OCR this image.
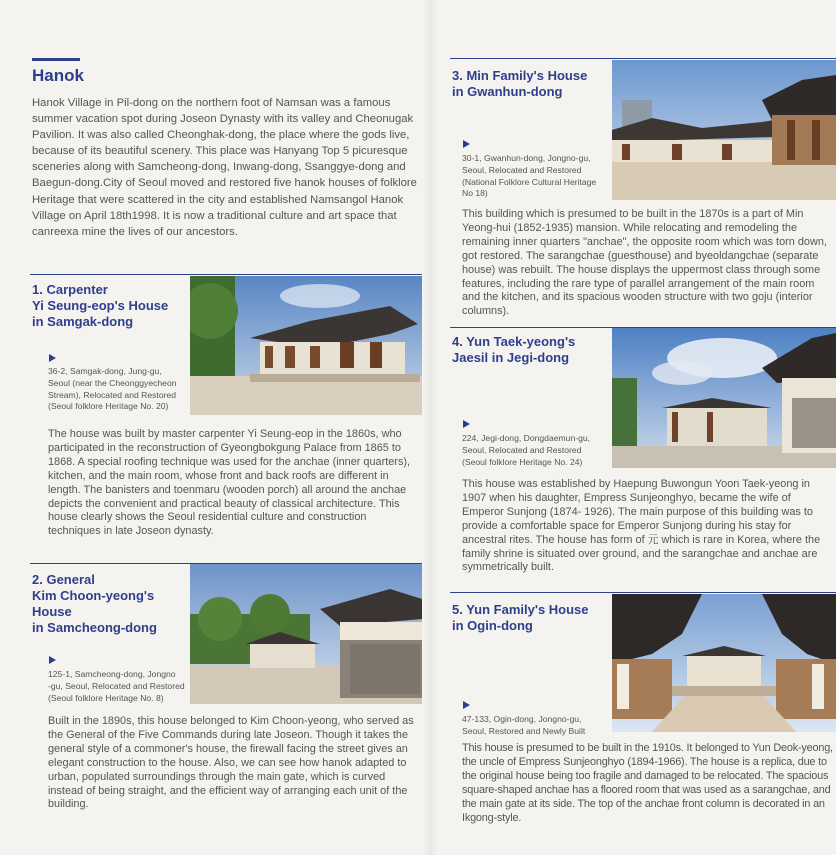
Hanok
Hanok Village in Pil-dong on the northern foot of Namsan was a famous summer vacation spot during Joseon Dynasty with its valley and Cheonugak Pavilion. It was also called Cheonghak-dong, the place where the gods live, because of its beautiful scenery. This place was Hanyang Top 5 picuresque sceneries along with Samcheong-dong, Inwang-dong, Ssanggye-dong and Baegun-dong.City of Seoul moved and restored five hanok houses of folklore Heritage that were scattered in the city and established Namsangol Hanok Village on April 18th1998. It is now a traditional culture and art space that canreexa mine the lives of our ancestors.
1. Carpenter
Yi Seung-eop's House
in Samgak-dong
36-2, Samgak-dong, Jung-gu,
Seoul (near the Cheonggyecheon
Stream), Relocated and Restored
(Seoul folklore Heritage No. 20)
The house was built by master carpenter Yi Seung-eop in the 1860s, who participated in the reconstruction of Gyeongbokgung Palace from 1865 to 1868. A special roofing technique was used for the anchae (inner quarters), kitchen, and the main room, whose front and back roofs are different in length. The banisters and toenmaru (wooden porch) all around the anchae depicts the convenient and practical beauty of classical architecture. This house clearly shows the Seoul residential culture and construction techniques in late Joseon dynasty.
2. General
Kim Choon-yeong's
House
in Samcheong-dong
125-1, Samcheong-dong, Jongno
-gu, Seoul, Relocated and Restored
(Seoul folklore Heritage No. 8)
Built in the 1890s, this house belonged to Kim Choon-yeong, who served as the General of the Five Commands during late Joseon. Though it takes the general style of a commoner's house, the firewall facing the street gives an elegant construction to the house. Also, we can see how hanok adapted to urban, populated surroundings through the main gate, which is curved instead of being straight, and the efficient way of arranging each unit of the building.
3. Min Family's House
in Gwanhun-dong
30-1, Gwanhun-dong, Jongno-gu,
Seoul, Relocated and Restored
(National Folklore Cultural Heritage
No 18)
This building which is presumed to be built in the 1870s is a part of Min Yeong-hui (1852-1935) mansion. While relocating and remodeling the remaining inner quarters "anchae", the opposite room which was torn down, got restored. The sarangchae (guesthouse) and byeoldangchae (separate house) was rebuilt. The house displays the uppermost class through some features, including the rare type of parallel arrangement of the main room and the kitchen, and its spacious wooden structure with two goju (interior columns).
4. Yun Taek-yeong's
Jaesil in Jegi-dong
224, Jegi-dong, Dongdaemun-gu,
Seoul, Relocated and Restored
(Seoul folklore Heritage No. 24)
This house was established by Haepung Buwongun Yoon Taek-yeong in 1907 when his daughter, Empress Sunjeonghyo, became the wife of Emperor Sunjong (1874- 1926). The main purpose of this building was to provide a comfortable space for Emperor Sunjong during his stay for ancestral rites. The house has form of 元 which is rare in Korea, where the family shrine is situated over ground, and the sarangchae and anchae are symmetrically built.
5. Yun Family's House
in Ogin-dong
47-133, Ogin-dong, Jongno-gu,
Seoul, Restored and Newly Built
This house is presumed to be built in the 1910s. It belonged to Yun Deok-yeong, the uncle of Empress Sunjeonghyo (1894-1966). The house is a replica, due to the original house being too fragile and damaged to be relocated. The spacious square-shaped anchae has a floored room that was used as a sarangchae, and the main gate at its side. The top of the anchae front column is decorated in an Ikgong-style.
